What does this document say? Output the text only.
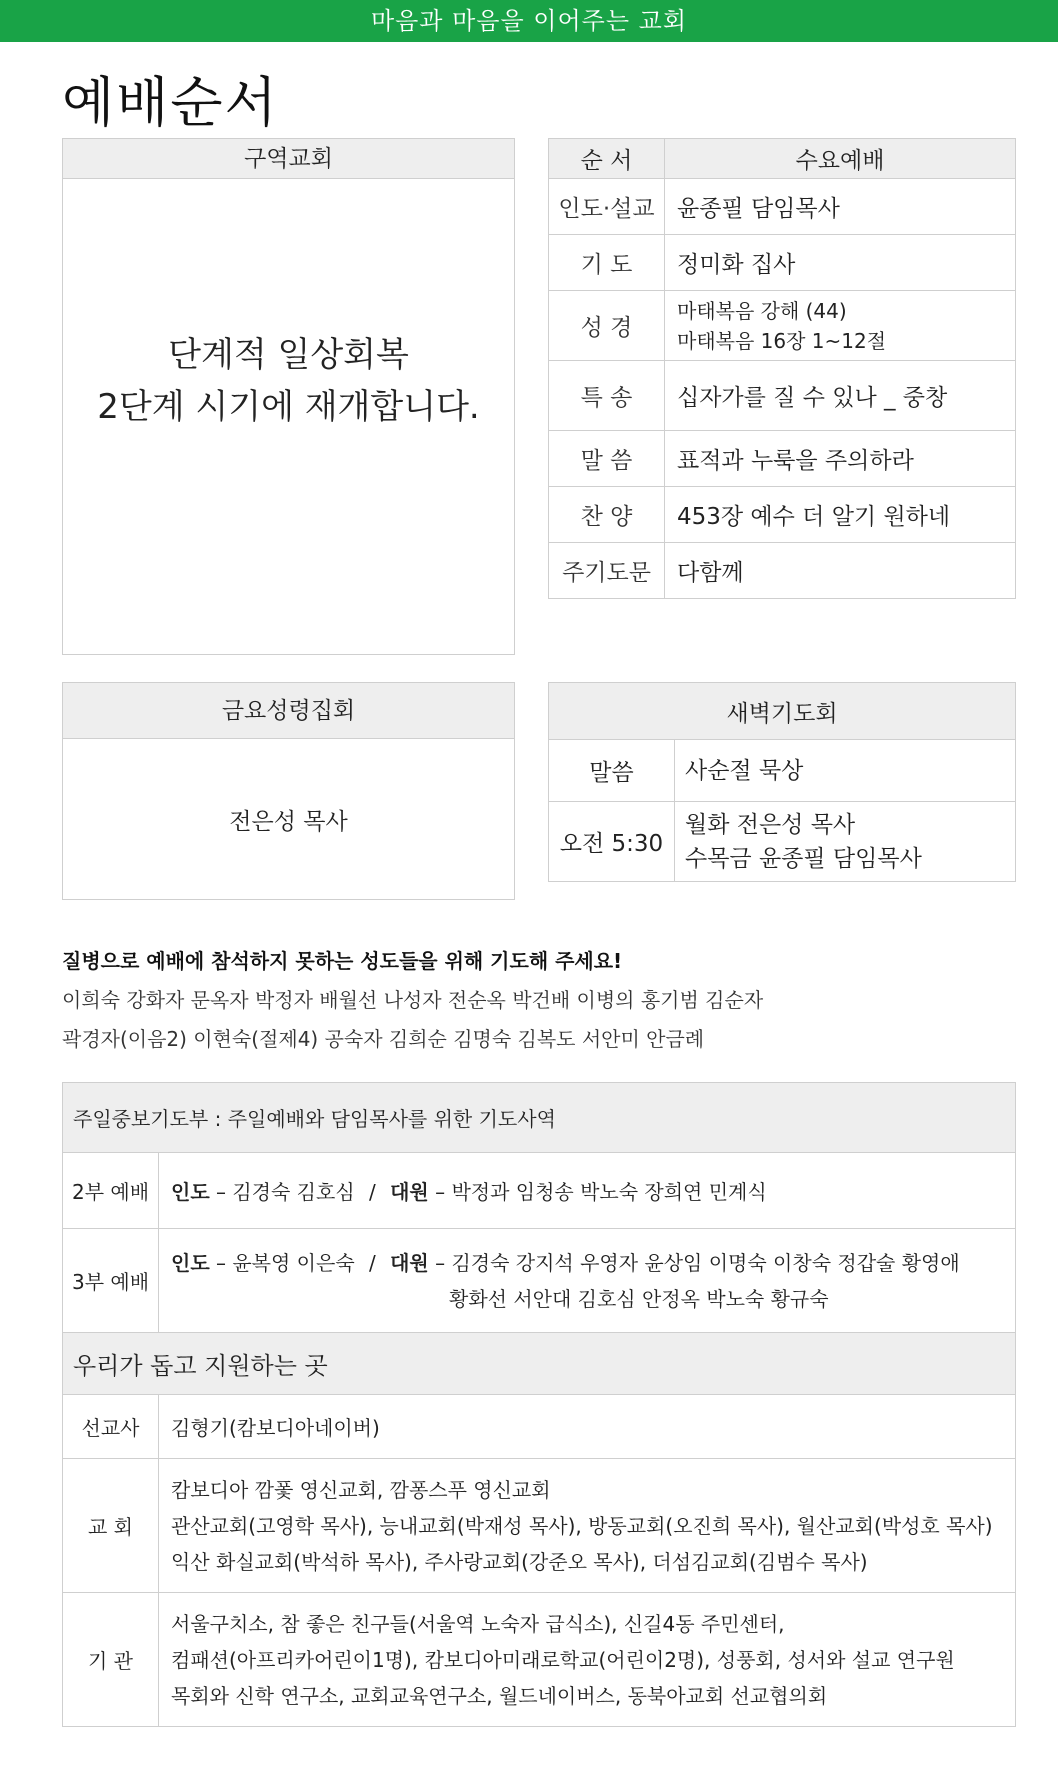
마음과 마음을 이어주는 교회
예배순서
구역교회
단계적 일상회복
2단계 시기에 재개합니다.
순 서	수요예배
인도·설교	윤종필 담임목사
기 도	정미화 집사
성 경	마태복음 강해 (44)
마태복음 16장 1~12절

특 송	십자가를 질 수 있나 _ 중창
말 씀	표적과 누룩을 주의하라
찬 양	453장 예수 더 알기 원하네
주기도문	다함께
금요성령집회
전은성 목사
새벽기도회	
말씀	사순절 묵상
오전 5:30	월화 전은성 목사
수목금 윤종필 담임목사
질병으로 예배에 참석하지 못하는 성도들을 위해 기도해 주세요!
이희숙 강화자 문옥자 박정자 배월선 나성자 전순옥 박건배 이병의 홍기범 김순자
곽경자(이음2) 이현숙(절제4) 공숙자 김희순 김명숙 김복도 서안미 안금례
주일중보기도부 : 주일예배와 담임목사를 위한 기도사역	
2부 예배	인도 – 김경숙 김호심 / 대원 – 박정과 임청송 박노숙 장희연 민계식
3부 예배	인도 – 윤복영 이은숙 / 대원 – 김경숙 강지석 우영자 윤상임 이명숙 이창숙 정갑술 황영애
황화선 서안대 김호심 안정옥 박노숙 황규숙

우리가 돕고 지원하는 곳	
선교사	김형기(캄보디아네이버)
교 회	캄보디아 깜퐃 영신교회, 깜퐁스푸 영신교회
관산교회(고영학 목사), 능내교회(박재성 목사), 방동교회(오진희 목사), 월산교회(박성호 목사)
익산 화실교회(박석하 목사), 주사랑교회(강준오 목사), 더섬김교회(김범수 목사)

기 관	서울구치소, 참 좋은 친구들(서울역 노숙자 급식소), 신길4동 주민센터,
컴패션(아프리카어린이1명), 캄보디아미래로학교(어린이2명), 성풍회, 성서와 설교 연구원
목회와 신학 연구소, 교회교육연구소, 월드네이버스, 동북아교회 선교협의회
